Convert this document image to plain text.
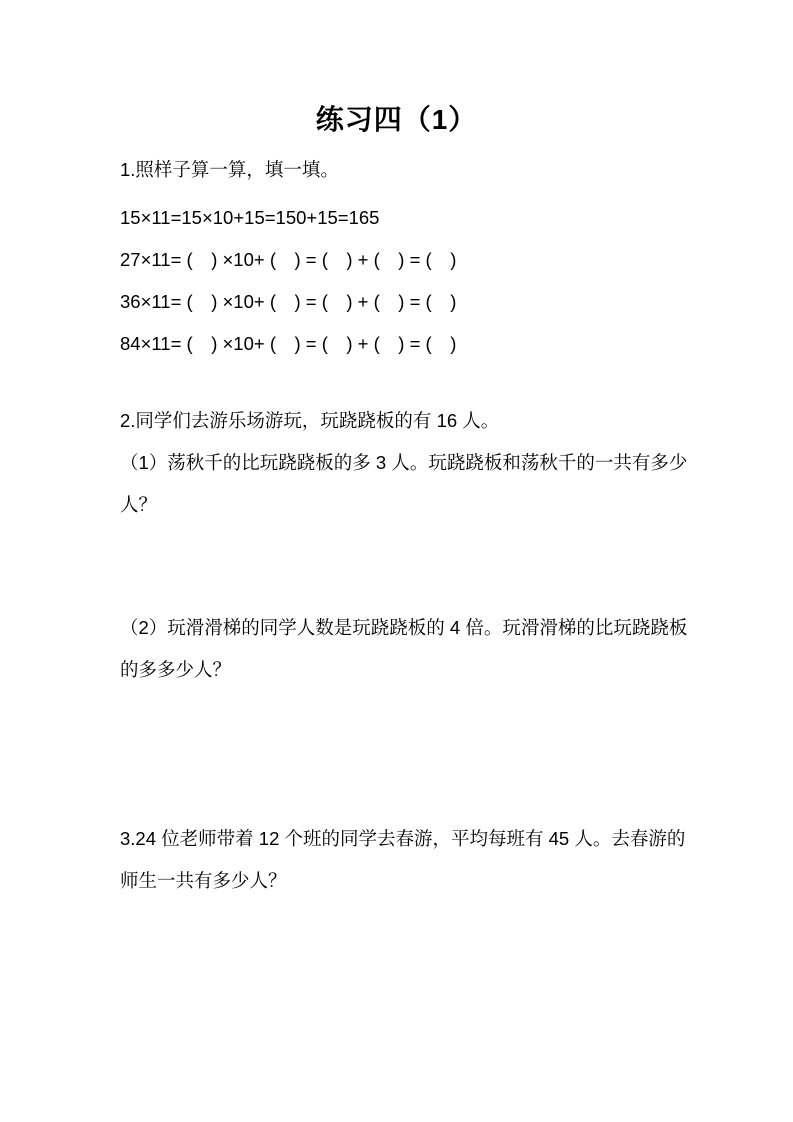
练习四（1）

1.照样子算一算，填一填。

15×11=15×10+15=150+15=165

27×11= (　) ×10+ (　) = (　) + (　) = (　)

36×11= (　) ×10+ (　) = (　) + (　) = (　)

84×11= (　) ×10+ (　) = (　) + (　) = (　)

2.同学们去游乐场游玩，玩跷跷板的有 16 人。

（1）荡秋千的比玩跷跷板的多 3 人。玩跷跷板和荡秋千的一共有多少

人？

（2）玩滑滑梯的同学人数是玩跷跷板的 4 倍。玩滑滑梯的比玩跷跷板

的多多少人？

3.24 位老师带着 12 个班的同学去春游，平均每班有 45 人。去春游的

师生一共有多少人？
